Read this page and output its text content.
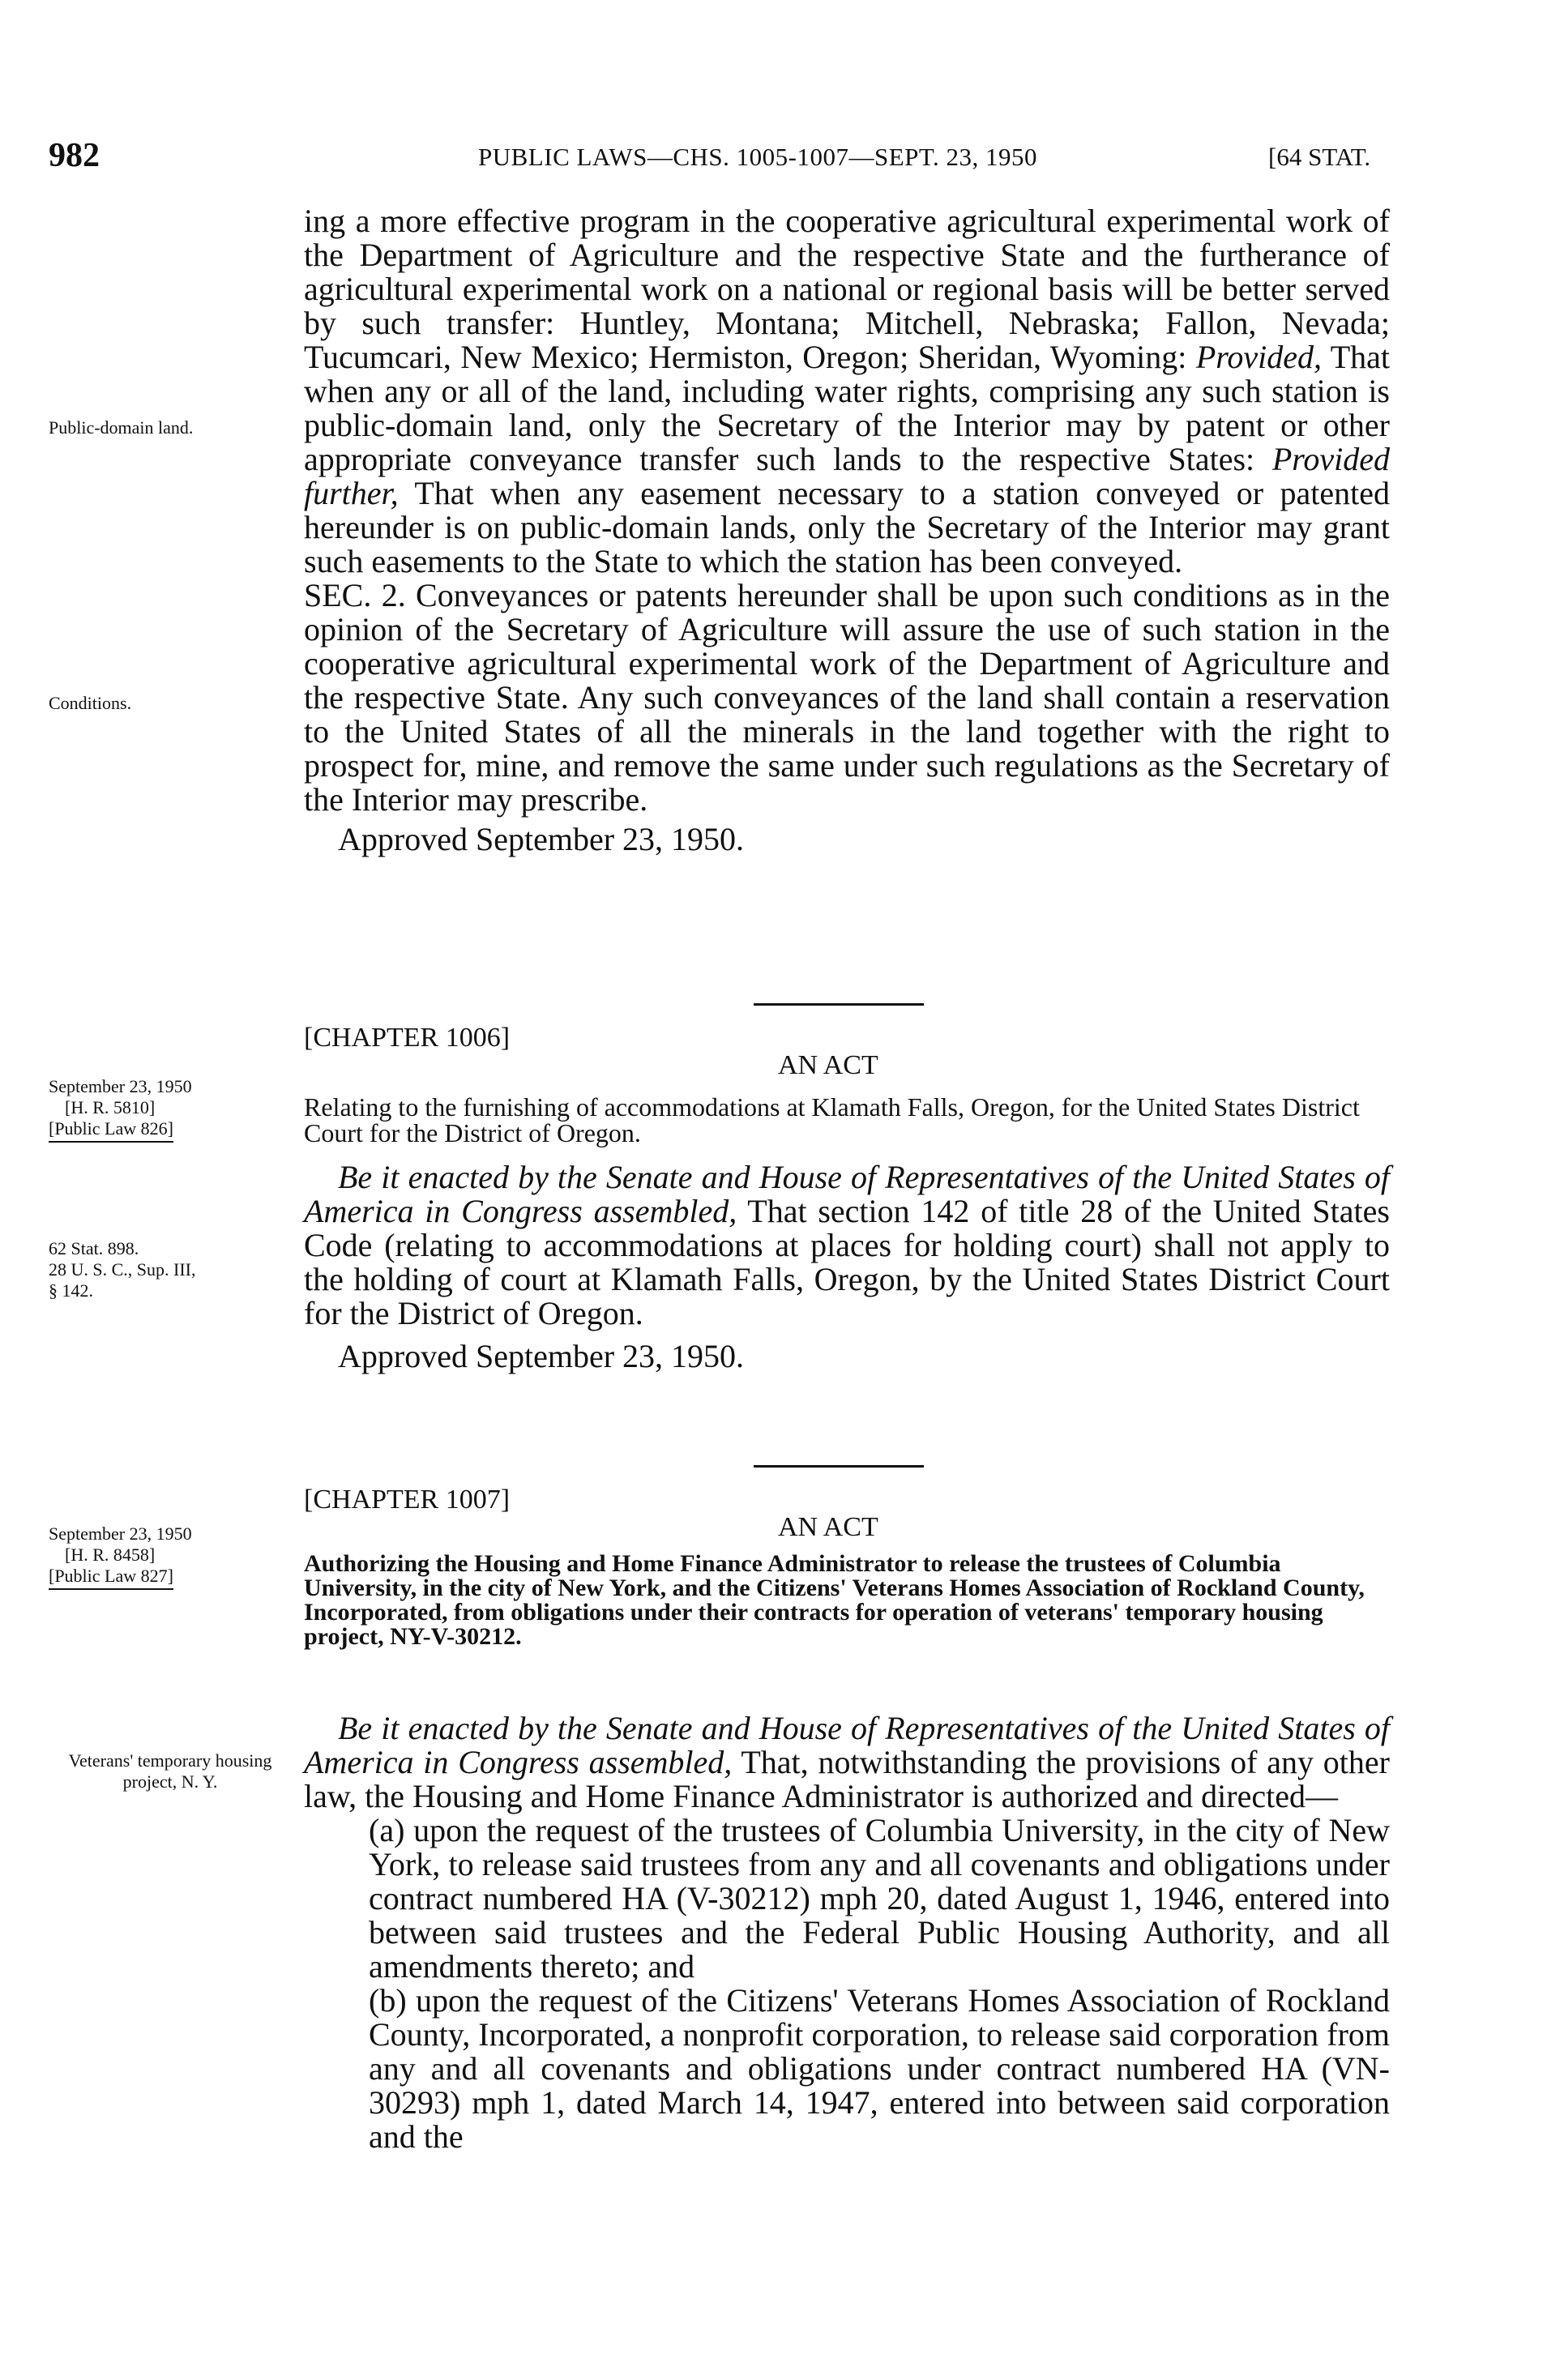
982	PUBLIC LAWS—CHS. 1005-1007—SEPT. 23, 1950	[64 STAT.

ing a more effective program in the cooperative agricultural experimental work of the Department of Agriculture and the respective State and the furtherance of agricultural experimental work on a national or regional basis will be better served by such transfer: Huntley, Montana; Mitchell, Nebraska; Fallon, Nevada; Tucumcari, New Mexico; Hermiston, Oregon; Sheridan, Wyoming: Provided, That when any or all of the land, including water rights, comprising any such station is public-domain land, only the Secretary of the Interior may by patent or other appropriate conveyance transfer such lands to the respective States: Provided further, That when any easement necessary to a station conveyed or patented hereunder is on public-domain lands, only the Secretary of the Interior may grant such easements to the State to which the station has been conveyed.

SEC. 2. Conveyances or patents hereunder shall be upon such conditions as in the opinion of the Secretary of Agriculture will assure the use of such station in the cooperative agricultural experimental work of the Department of Agriculture and the respective State. Any such conveyances of the land shall contain a reservation to the United States of all the minerals in the land together with the right to prospect for, mine, and remove the same under such regulations as the Secretary of the Interior may prescribe.

Approved September 23, 1950.

Public-domain land.
Conditions.
[CHAPTER 1006]
AN ACT
September 23, 1950
[H. R. 5810]
[Public Law 826]
Relating to the furnishing of accommodations at Klamath Falls, Oregon, for the United States District Court for the District of Oregon.

Be it enacted by the Senate and House of Representatives of the United States of America in Congress assembled, That section 142 of title 28 of the United States Code (relating to accommodations at places for holding court) shall not apply to the holding of court at Klamath Falls, Oregon, by the United States District Court for the District of Oregon.

Approved September 23, 1950.

62 Stat. 898.
28 U. S. C., Sup. III,
§ 142.
[CHAPTER 1007]
AN ACT
September 23, 1950
[H. R. 8458]
[Public Law 827]	Authorizing the Housing and Home Finance Administrator to release the trustees of Columbia University, in the city of New York, and the Citizens' Veterans Homes Association of Rockland County, Incorporated, from obligations under their contracts for operation of veterans' temporary housing project, NY-V-30212.
Veterans' temporary housing project, N. Y.

Be it enacted by the Senate and House of Representatives of the United States of America in Congress assembled, That, notwithstanding the provisions of any other law, the Housing and Home Finance Administrator is authorized and directed—

(a) upon the request of the trustees of Columbia University, in the city of New York, to release said trustees from any and all covenants and obligations under contract numbered HA (V-30212) mph 20, dated August 1, 1946, entered into between said trustees and the Federal Public Housing Authority, and all amendments thereto; and

(b) upon the request of the Citizens' Veterans Homes Association of Rockland County, Incorporated, a nonprofit corporation, to release said corporation from any and all covenants and obligations under contract numbered HA (VN-30293) mph 1, dated March 14, 1947, entered into between said corporation and the
